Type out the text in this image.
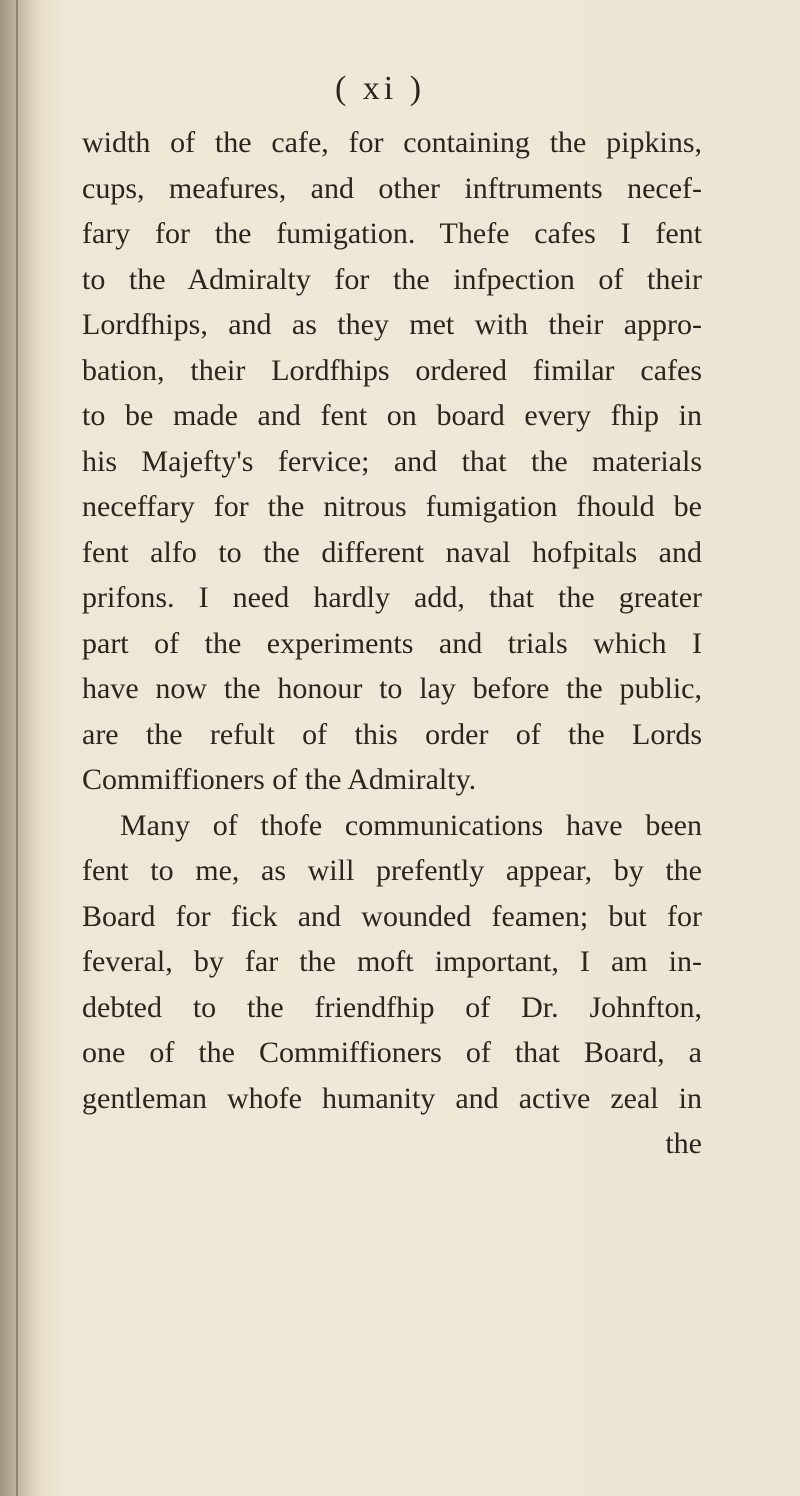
( xi )
width of the cafe, for containing the pipkins,
cups, meafures, and other inftruments necef-
fary for the fumigation. Thefe cafes I fent
to the Admiralty for the infpection of their
Lordfhips, and as they met with their appro-
bation, their Lordfhips ordered fimilar cafes
to be made and fent on board every fhip in
his Majefty's fervice; and that the materials
neceffary for the nitrous fumigation fhould be
fent alfo to the different naval hofpitals and
prifons. I need hardly add, that the greater
part of the experiments and trials which I
have now the honour to lay before the public,
are the refult of this order of the Lords
Commiffioners of the Admiralty.
Many of thofe communications have been
fent to me, as will prefently appear, by the
Board for fick and wounded feamen; but for
feveral, by far the moft important, I am in-
debted to the friendfhip of Dr. Johnfton,
one of the Commiffioners of that Board, a
gentleman whofe humanity and active zeal in
the
